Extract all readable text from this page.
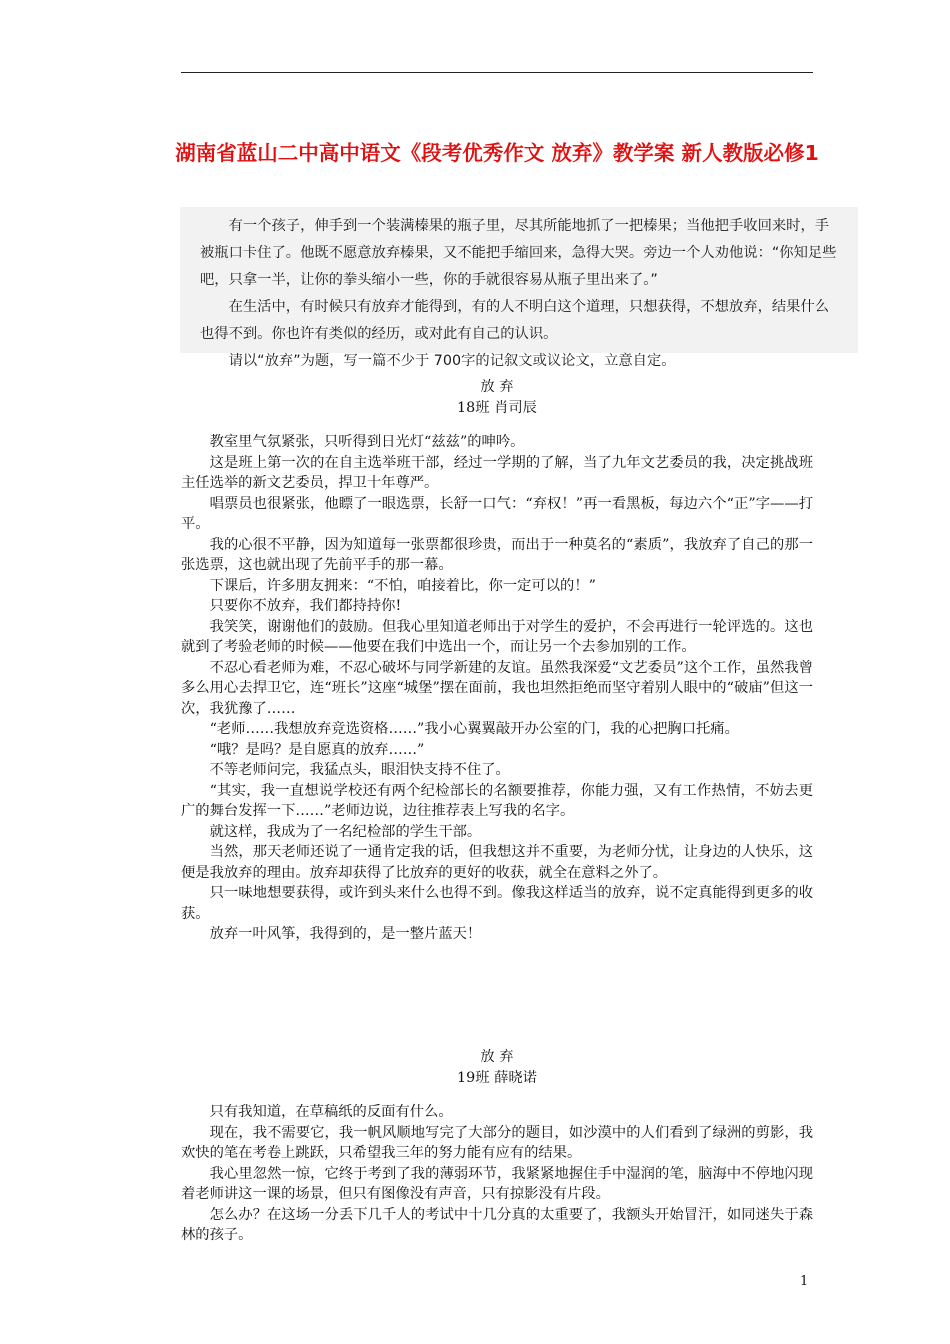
湖南省蓝山二中高中语文《段考优秀作文 放弃》教学案 新人教版必修1

有一个孩子，伸手到一个装满榛果的瓶子里，尽其所能地抓了一把榛果；当他把手收回来时，手被瓶口卡住了。他既不愿意放弃榛果，又不能把手缩回来，急得大哭。旁边一个人劝他说：“你知足些吧，只拿一半，让你的拳头缩小一些，你的手就很容易从瓶子里出来了。”

在生活中，有时候只有放弃才能得到，有的人不明白这个道理，只想获得，不想放弃，结果什么也得不到。你也许有类似的经历，或对此有自己的认识。

请以“放弃”为题，写一篇不少于 700字的记叙文或议论文，立意自定。

放 弃
18班 肖司辰

教室里气氛紧张，只听得到日光灯“兹兹”的呻吟。

这是班上第一次的在自主选举班干部，经过一学期的了解，当了九年文艺委员的我，决定挑战班主任选举的新文艺委员，捍卫十年尊严。

唱票员也很紧张，他瞟了一眼选票，长舒一口气：“弃权！”再一看黑板，每边六个“正”字——打平。

我的心很不平静，因为知道每一张票都很珍贵，而出于一种莫名的“素质”，我放弃了自己的那一张选票，这也就出现了先前平手的那一幕。

下课后，许多朋友拥来：“不怕，咱接着比，你一定可以的！”

只要你不放弃，我们都持持你!

我笑笑，谢谢他们的鼓励。但我心里知道老师出于对学生的爱护，不会再进行一轮评选的。这也就到了考验老师的时候——他要在我们中选出一个，而让另一个去参加别的工作。

不忍心看老师为难，不忍心破坏与同学新建的友谊。虽然我深爱“文艺委员”这个工作，虽然我曾多么用心去捍卫它，连“班长”这座“城堡”摆在面前，我也坦然拒绝而坚守着别人眼中的“破庙”但这一次，我犹豫了……

“老师……我想放弃竞选资格……”我小心翼翼敲开办公室的门，我的心把胸口托痛。

“哦？是吗？是自愿真的放弃……”

不等老师问完，我猛点头，眼泪快支持不住了。

“其实，我一直想说学校还有两个纪检部长的名额要推荐，你能力强，又有工作热情，不妨去更广的舞台发挥一下……”老师边说，边往推荐表上写我的名字。

就这样，我成为了一名纪检部的学生干部。

当然，那天老师还说了一通肯定我的话，但我想这并不重要，为老师分忧，让身边的人快乐，这便是我放弃的理由。放弃却获得了比放弃的更好的收获，就全在意料之外了。

只一味地想要获得，或许到头来什么也得不到。像我这样适当的放弃，说不定真能得到更多的收获。

放弃一叶风筝，我得到的，是一整片蓝天！

放 弃
19班 薛晓诺

只有我知道，在草稿纸的反面有什么。

现在，我不需要它，我一帆风顺地写完了大部分的题目，如沙漠中的人们看到了绿洲的剪影，我欢快的笔在考卷上跳跃，只希望我三年的努力能有应有的结果。

我心里忽然一惊，它终于考到了我的薄弱环节，我紧紧地握住手中湿润的笔，脑海中不停地闪现着老师讲这一课的场景，但只有图像没有声音，只有掠影没有片段。

怎么办？在这场一分丢下几千人的考试中十几分真的太重要了，我额头开始冒汗，如同迷失于森林的孩子。

1
